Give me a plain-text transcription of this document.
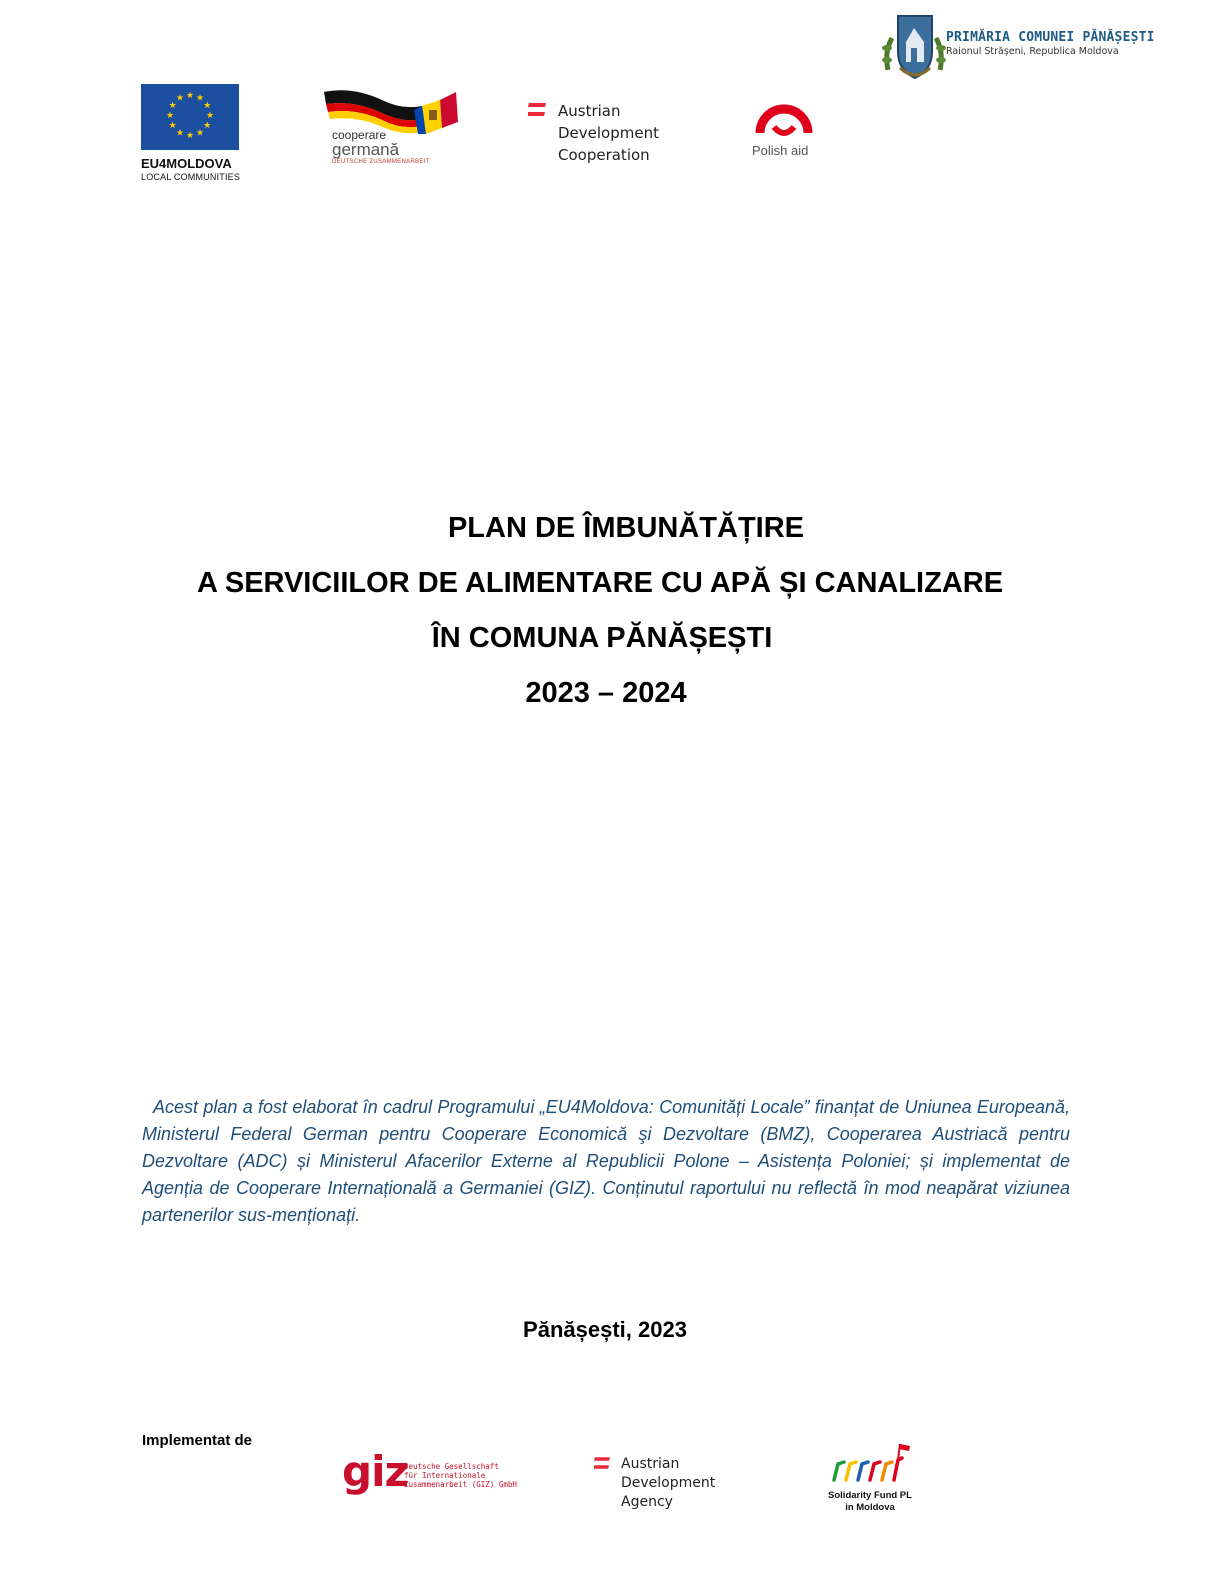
PRIMĂRIA COMUNEI PĂNĂȘEȘTI
Raionul Strășeni, Republica Moldova
★ ★
★
★
★
★
★
★
★
★
★
★
EU4MOLDOVA
LOCAL COMMUNITIES
cooperare
germană
DEUTSCHE ZUSAMMENARBEIT
Austrian
Development
Cooperation	Polish aid
PLAN DE ÎMBUNĂTĂȚIRE
A SERVICIILOR DE ALIMENTARE CU APĂ ȘI CANALIZARE
ÎN COMUNA PĂNĂȘEȘTI
2023 – 2024
Acest plan a fost elaborat în cadrul Programului „EU4Moldova: Comunități Locale” finanțat de Uniunea Europeană, Ministerul Federal German pentru Cooperare Economică şi Dezvoltare (BMZ), Cooperarea Austriacă pentru Dezvoltare (ADC) și Ministerul Afacerilor Externe al Republicii Polone – Asistența Poloniei; și implementat de Agenția de Cooperare Internațională a Germaniei (GIZ). Conținutul raportului nu reflectă în mod neapărat viziunea partenerilor sus-menționați.
Pănășești, 2023
Implementat de
giz
Deutsche Gesellschaft
für Internationale
Zusammenarbeit (GIZ) GmbH
Austrian
Development
Agency	Solidarity Fund PL
in Moldova
